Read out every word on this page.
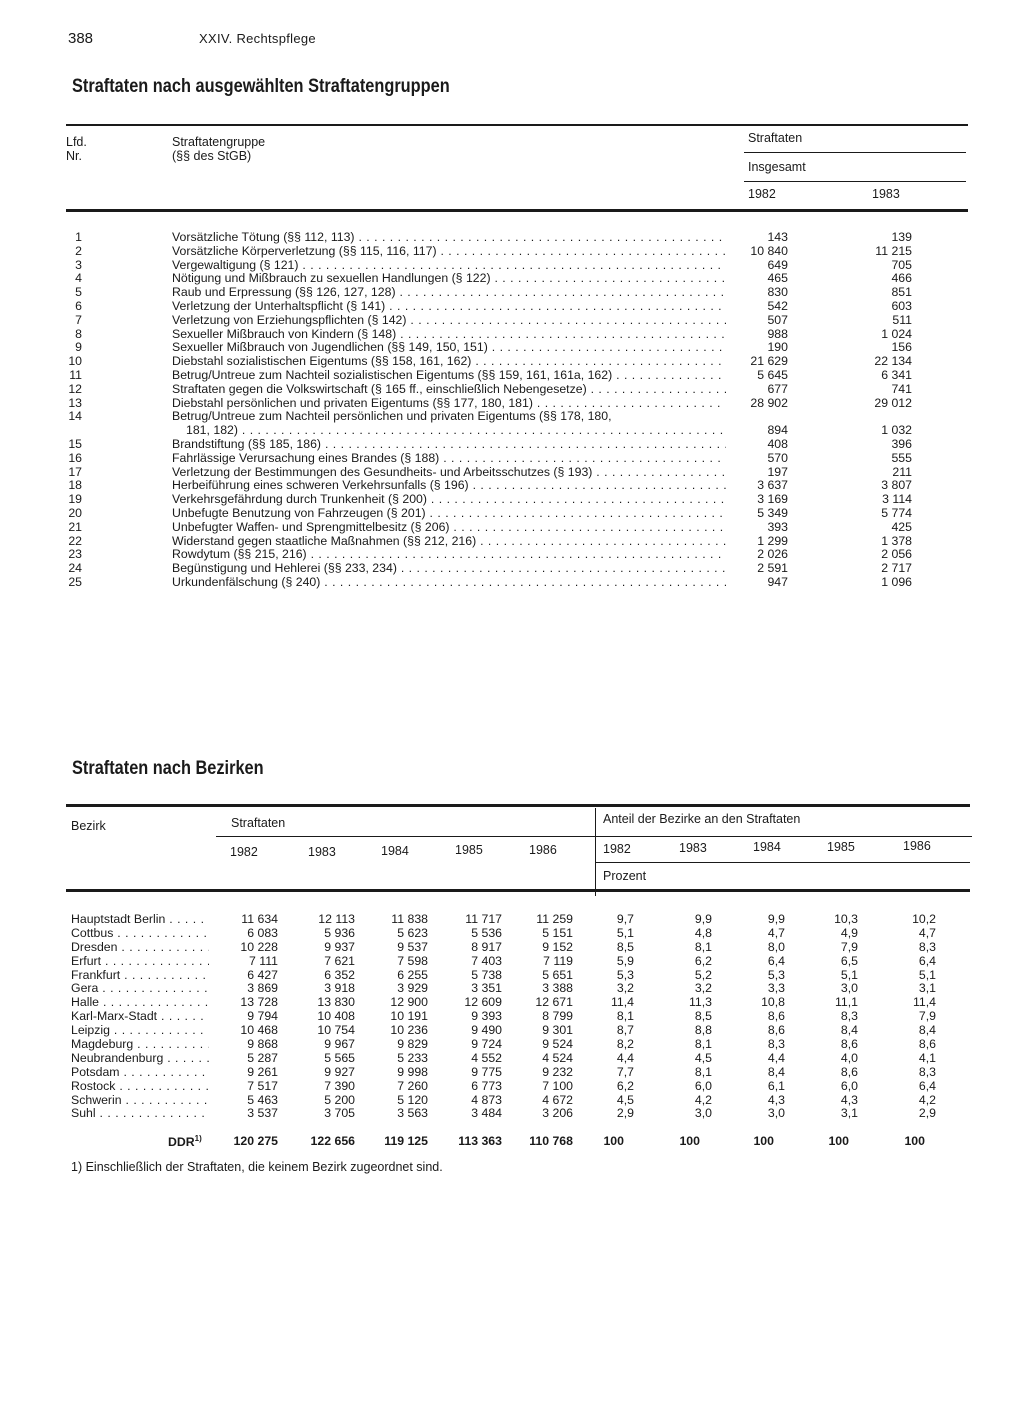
388	XXIV. Rechtspflege
Straftaten nach ausgewählten Straftatengruppen
Lfd.
Nr.
Straftatengruppe
(§§ des StGB)
Straftaten
Insgesamt
1982	1983
1	Vorsätzliche Tötung (§§ 112, 113) . . .	143	139
2	Vorsätzliche Körperverletzung (§§ 115, 116, 117) . . .	10 840	11 215
3	Vergewaltigung (§ 121) . . .	649	705
4	Nötigung und Mißbrauch zu sexuellen Handlungen (§ 122) . . .	465	466
5	Raub und Erpressung (§§ 126, 127, 128) . . .	830	851
6	Verletzung der Unterhaltspflicht (§ 141) . . .	542	603
7	Verletzung von Erziehungspflichten (§ 142) . . .	507	511
8	Sexueller Mißbrauch von Kindern (§ 148) . . .	988	1 024
9	Sexueller Mißbrauch von Jugendlichen (§§ 149, 150, 151) . . .	190	156
10	Diebstahl sozialistischen Eigentums (§§ 158, 161, 162) . . .	21 629	22 134
11	Betrug/Untreue zum Nachteil sozialistischen Eigentums (§§ 159, 161, 161a, 162) . . .	5 645	6 341
12	Straftaten gegen die Volkswirtschaft (§ 165 ff., einschließlich Nebengesetze) . . .	677	741
13	Diebstahl persönlichen und privaten Eigentums (§§ 177, 180, 181) . . .	28 902	29 012
14	Betrug/Untreue zum Nachteil persönlichen und privaten Eigentums (§§ 178, 180,
181, 182) . . .	894	1 032
15	Brandstiftung (§§ 185, 186) . . .	408	396
16	Fahrlässige Verursachung eines Brandes (§ 188) . . .	570	555
17	Verletzung der Bestimmungen des Gesundheits- und Arbeitsschutzes (§ 193) . . .	197	211
18	Herbeiführung eines schweren Verkehrsunfalls (§ 196) . . .	3 637	3 807
19	Verkehrsgefährdung durch Trunkenheit (§ 200) . . .	3 169	3 114
20	Unbefugte Benutzung von Fahrzeugen (§ 201) . . .	5 349	5 774
21	Unbefugter Waffen- und Sprengmittelbesitz (§ 206) . . .	393	425
22	Widerstand gegen staatliche Maßnahmen (§§ 212, 216) . . .	1 299	1 378
23	Rowdytum (§§ 215, 216) . . .	2 026	2 056
24	Begünstigung und Hehlerei (§§ 233, 234) . . .	2 591	2 717
25	Urkundenfälschung (§ 240) . . .	947	1 096
Straftaten nach Bezirken
Bezirk	Straftaten	Anteil der Bezirke an den Straftaten
1982	1983	1984	1985	1986	1982	1983	1984	1985	1986
Prozent
Hauptstadt Berlin . . .	11 634	12 113	11 838	11 717	11 259	9,7	9,9	9,9	10,3	10,2
Cottbus . . .	6 083	5 936	5 623	5 536	5 151	5,1	4,8	4,7	4,9	4,7
Dresden . . .	10 228	9 937	9 537	8 917	9 152	8,5	8,1	8,0	7,9	8,3
Erfurt . . .	7 111	7 621	7 598	7 403	7 119	5,9	6,2	6,4	6,5	6,4
Frankfurt . . .	6 427	6 352	6 255	5 738	5 651	5,3	5,2	5,3	5,1	5,1
Gera . . .	3 869	3 918	3 929	3 351	3 388	3,2	3,2	3,3	3,0	3,1
Halle . . .	13 728	13 830	12 900	12 609	12 671	11,4	11,3	10,8	11,1	11,4
Karl-Marx-Stadt . . .	9 794	10 408	10 191	9 393	8 799	8,1	8,5	8,6	8,3	7,9
Leipzig . . .	10 468	10 754	10 236	9 490	9 301	8,7	8,8	8,6	8,4	8,4
Magdeburg . . .	9 868	9 967	9 829	9 724	9 524	8,2	8,1	8,3	8,6	8,6
Neubrandenburg . . .	5 287	5 565	5 233	4 552	4 524	4,4	4,5	4,4	4,0	4,1
Potsdam . . .	9 261	9 927	9 998	9 775	9 232	7,7	8,1	8,4	8,6	8,3
Rostock . . .	7 517	7 390	7 260	6 773	7 100	6,2	6,0	6,1	6,0	6,4
Schwerin . . .	5 463	5 200	5 120	4 873	4 672	4,5	4,2	4,3	4,3	4,2
Suhl . . .	3 537	3 705	3 563	3 484	3 206	2,9	3,0	3,0	3,1	2,9
DDR$^{1)}$	120 275	122 656	119 125	113 363	110 768	100	100	100	100	100
1) Einschließlich der Straftaten, die keinem Bezirk zugeordnet sind.
